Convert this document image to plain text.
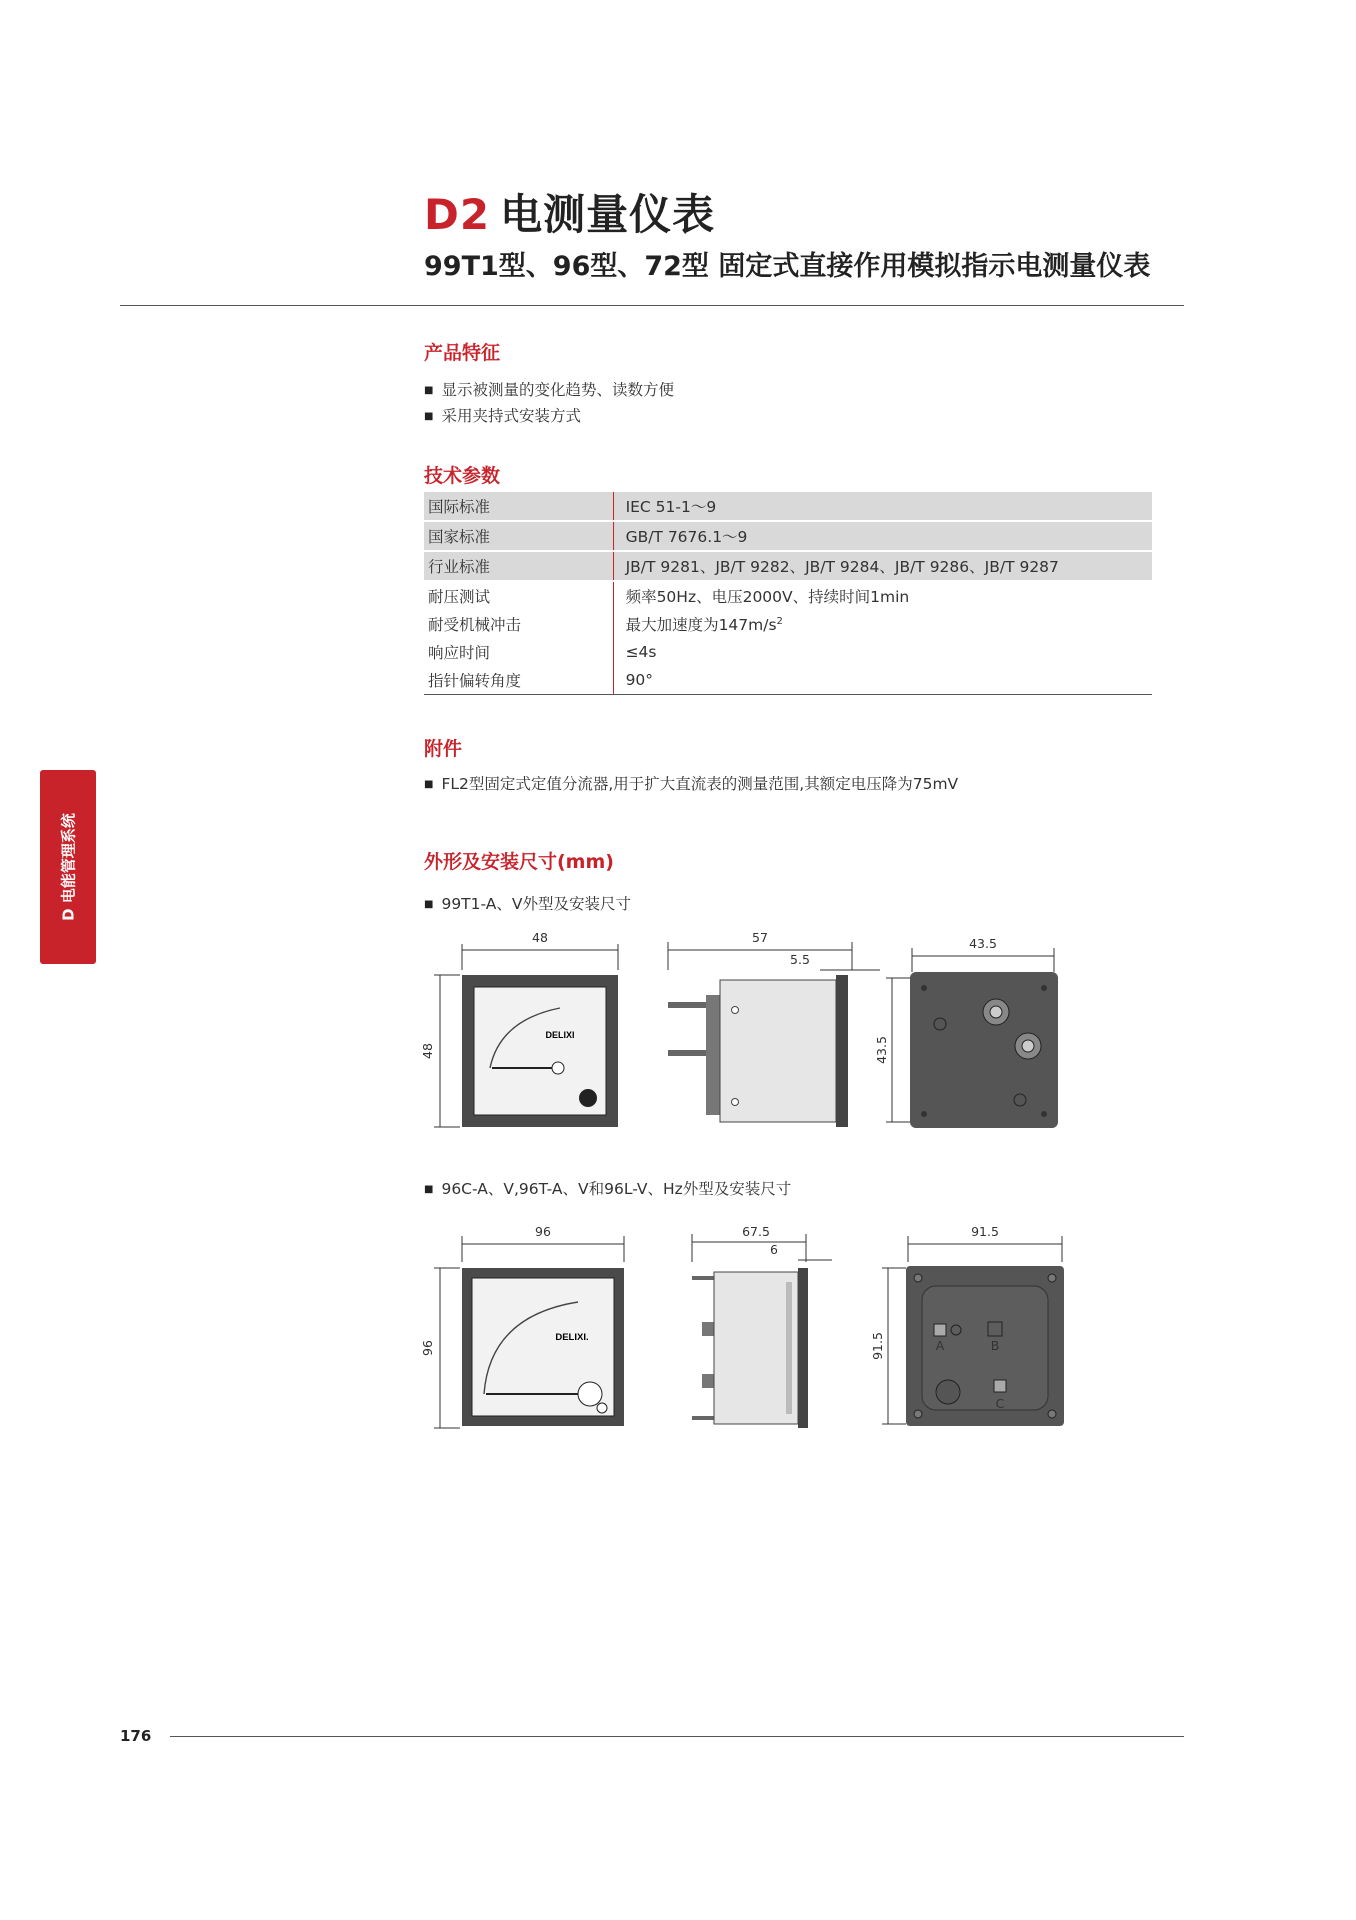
D2 电测量仪表
99T1型、96型、72型 固定式直接作用模拟指示电测量仪表
产品特征
■ 显示被测量的变化趋势、读数方便
■ 采用夹持式安装方式
技术参数
国际标准	IEC 51-1～9
国家标准	GB/T 7676.1～9
行业标准	JB/T 9281、JB/T 9282、JB/T 9284、JB/T 9286、JB/T 9287
耐压测试	频率50Hz、电压2000V、持续时间1min
耐受机械冲击	最大加速度为$147m/s^2$
响应时间	≤4s
指针偏转角度	90°
附件
■ FL2型固定式定值分流器,用于扩大直流表的测量范围,其额定电压降为75mV
外形及安装尺寸(mm)
■ 99T1-A、V外型及安装尺寸
48
48
DELIXI
57
5.5
43.5
43.5
■ 96C-A、V,96T-A、V和96L-V、Hz外型及安装尺寸
96
96
DELIXI.
67.5
6
91.5
91.5	A	B
C
D 电能管理系统
176
